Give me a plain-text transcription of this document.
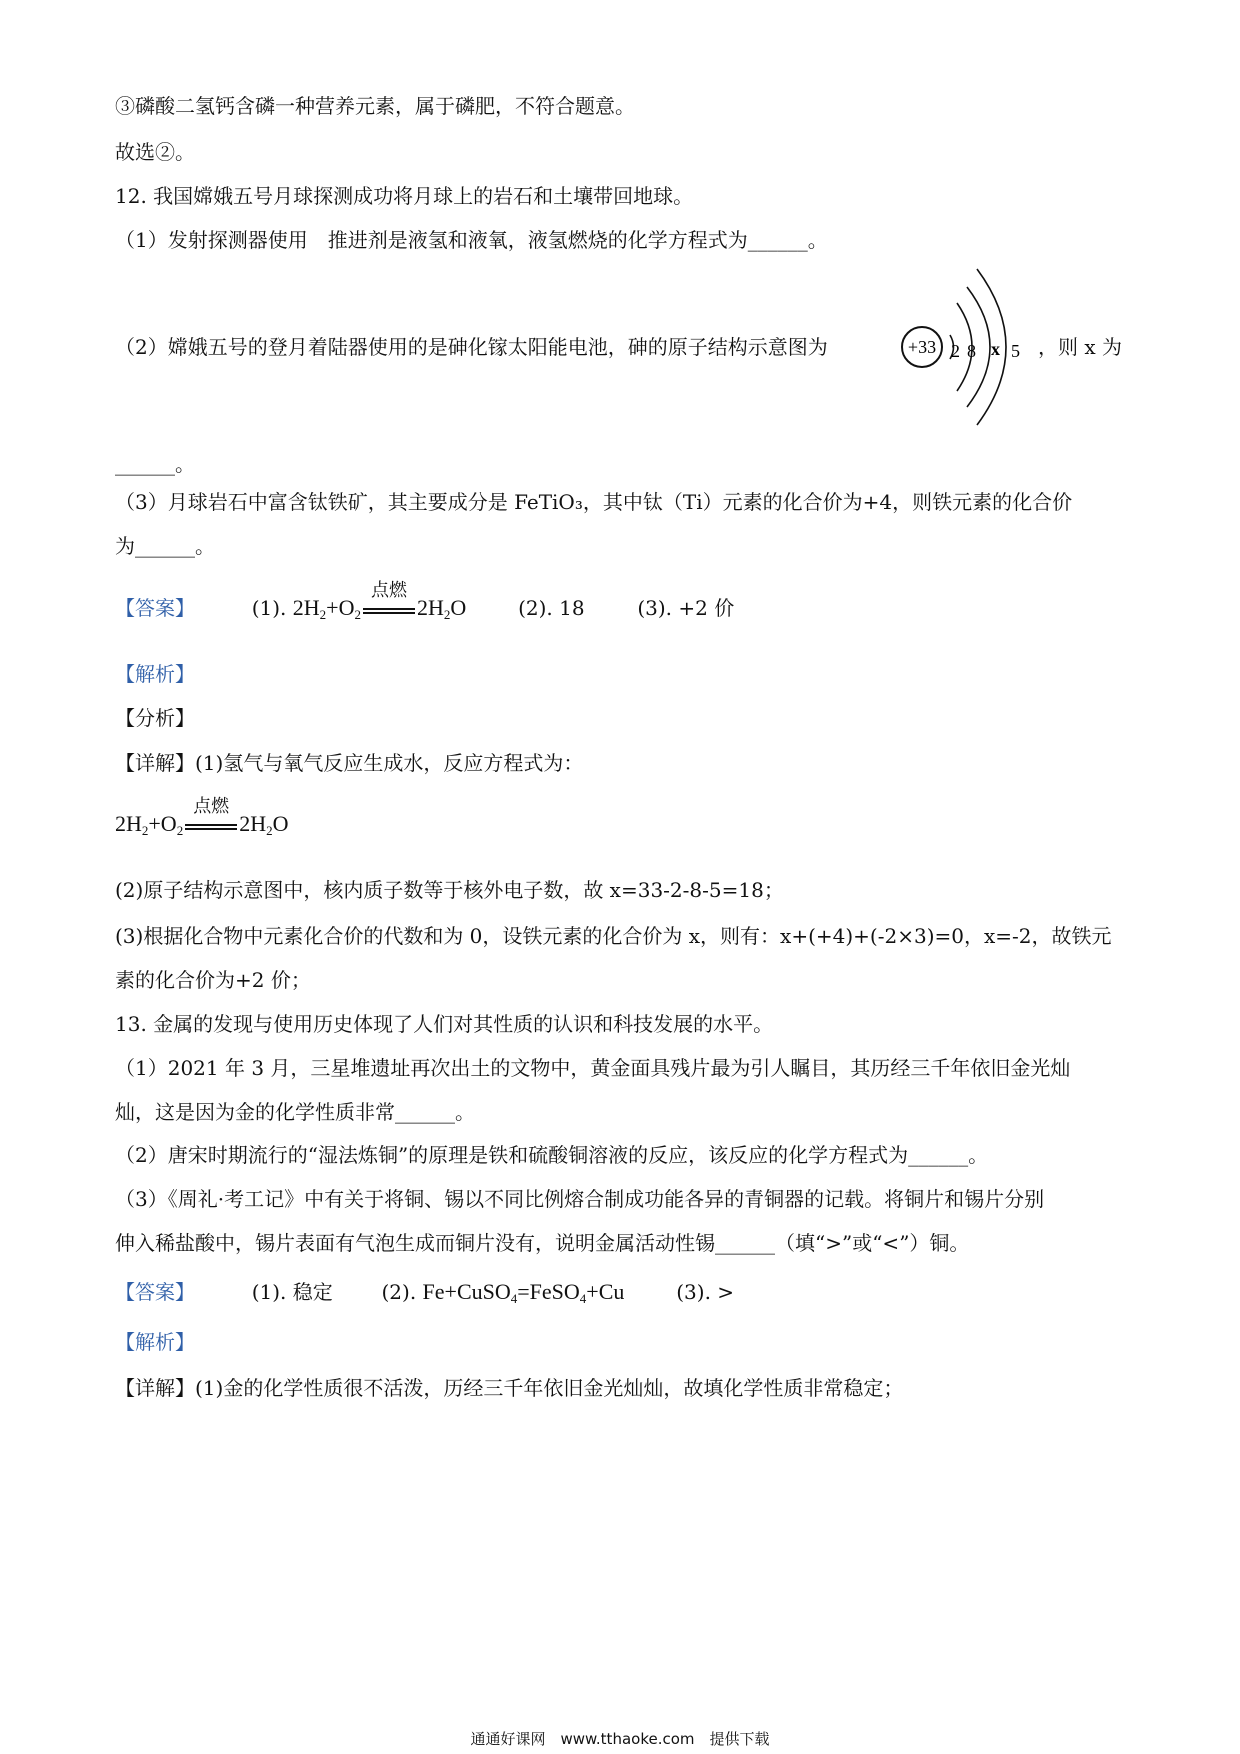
③磷酸二氢钙含磷一种营养元素，属于磷肥，不符合题意。
故选②。
12. 我国嫦娥五号月球探测成功将月球上的岩石和土壤带回地球。
（1）发射探测器使用　推进剂是液氢和液氧，液氢燃烧的化学方程式为______。
（2）嫦娥五号的登月着陆器使用的是砷化镓太阳能电池，砷的原子结构示意图为	+33 2 8 x 5 ，则 x 为
______。
（3）月球岩石中富含钛铁矿，其主要成分是 FeTiO₃，其中钛（Ti）元素的化合价为+4，则铁元素的化合价
为______。
【答案】	(1). $2H_2+O_2$
点燃
$2H_2O$	(2). 18	(3). +2 价
【解析】
【分析】
【详解】(1)氢气与氧气反应生成水，反应方程式为：
$2H_2+O_2$
点燃
$2H_2O$
(2)原子结构示意图中，核内质子数等于核外电子数，故 x=33-2-8-5=18；
(3)根据化合物中元素化合价的代数和为 0，设铁元素的化合价为 x，则有：x+(+4)+(-2×3)=0，x=-2，故铁元
素的化合价为+2 价；
13. 金属的发现与使用历史体现了人们对其性质的认识和科技发展的水平。
（1）2021 年 3 月，三星堆遗址再次出土的文物中，黄金面具残片最为引人瞩目，其历经三千年依旧金光灿
灿，这是因为金的化学性质非常______。
（2）唐宋时期流行的“湿法炼铜”的原理是铁和硫酸铜溶液的反应，该反应的化学方程式为______。
（3）《周礼·考工记》中有关于将铜、锡以不同比例熔合制成功能各异的青铜器的记载。将铜片和锡片分别
伸入稀盐酸中，锡片表面有气泡生成而铜片没有，说明金属活动性锡______（填“>”或“<”）铜。
【答案】	(1). 稳定 (2). Fe+CuSO$_4$=FeSO$_4$+Cu	(3). >
【解析】
【详解】(1)金的化学性质很不活泼，历经三千年依旧金光灿灿，故填化学性质非常稳定；
通通好课网　www.tthaoke.com　提供下载
